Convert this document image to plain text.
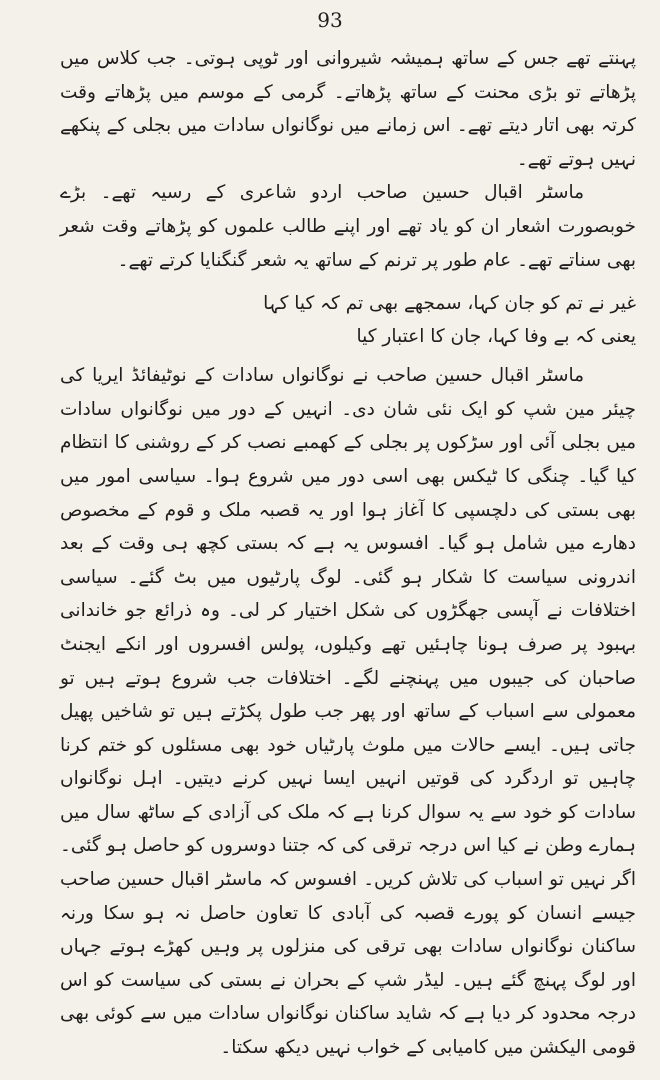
93

پہنتے تھے جس کے ساتھ ہمیشہ شیروانی اور ٹوپی ہوتی۔ جب کلاس میں پڑھاتے تو بڑی محنت کے ساتھ پڑھاتے۔ گرمی کے موسم میں پڑھاتے وقت کرتہ بھی اتار دیتے تھے۔ اس زمانے میں نوگانواں سادات میں بجلی کے پنکھے نہیں ہوتے تھے۔

ماسٹر اقبال حسین صاحب اردو شاعری کے رسیہ تھے۔ بڑے خوبصورت اشعار ان کو یاد تھے اور اپنے طالب علموں کو پڑھاتے وقت شعر بھی سناتے تھے۔ عام طور پر ترنم کے ساتھ یہ شعر گنگنایا کرتے تھے۔

غیر نے تم کو جان کہا، سمجھے بھی تم کہ کیا کہا
یعنی کہ بے وفا کہا، جان کا اعتبار کیا

ماسٹر اقبال حسین صاحب نے نوگانواں سادات کے نوٹیفائڈ ایریا کی چیئر مین شپ کو ایک نئی شان دی۔ انہیں کے دور میں نوگانواں سادات میں بجلی آئی اور سڑکوں پر بجلی کے کھمبے نصب کر کے روشنی کا انتظام کیا گیا۔ چنگی کا ٹیکس بھی اسی دور میں شروع ہوا۔ سیاسی امور میں بھی بستی کی دلچسپی کا آغاز ہوا اور یہ قصبہ ملک و قوم کے مخصوص دھارے میں شامل ہو گیا۔ افسوس یہ ہے کہ بستی کچھ ہی وقت کے بعد اندرونی سیاست کا شکار ہو گئی۔ لوگ پارٹیوں میں بٹ گئے۔ سیاسی اختلافات نے آپسی جھگڑوں کی شکل اختیار کر لی۔ وہ ذرائع جو خاندانی بہبود پر صرف ہونا چاہئیں تھے وکیلوں، پولس افسروں اور انکے ایجنٹ صاحبان کی جیبوں میں پہنچنے لگے۔ اختلافات جب شروع ہوتے ہیں تو معمولی سے اسباب کے ساتھ اور پھر جب طول پکڑتے ہیں تو شاخیں پھیل جاتی ہیں۔ ایسے حالات میں ملوث پارٹیاں خود بھی مسئلوں کو ختم کرنا چاہیں تو اردگرد کی قوتیں انہیں ایسا نہیں کرنے دیتیں۔ اہل نوگانواں سادات کو خود سے یہ سوال کرنا ہے کہ ملک کی آزادی کے ساٹھ سال میں ہمارے وطن نے کیا اس درجہ ترقی کی کہ جتنا دوسروں کو حاصل ہو گئی۔ اگر نہیں تو اسباب کی تلاش کریں۔ افسوس کہ ماسٹر اقبال حسین صاحب جیسے انسان کو پورے قصبہ کی آبادی کا تعاون حاصل نہ ہو سکا ورنہ ساکنان نوگانواں سادات بھی ترقی کی منزلوں پر وہیں کھڑے ہوتے جہاں اور لوگ پہنچ گئے ہیں۔ لیڈر شپ کے بحران نے بستی کی سیاست کو اس درجہ محدود کر دیا ہے کہ شاید ساکنان نوگانواں سادات میں سے کوئی بھی قومی الیکشن میں کامیابی کے خواب نہیں دیکھ سکتا۔
